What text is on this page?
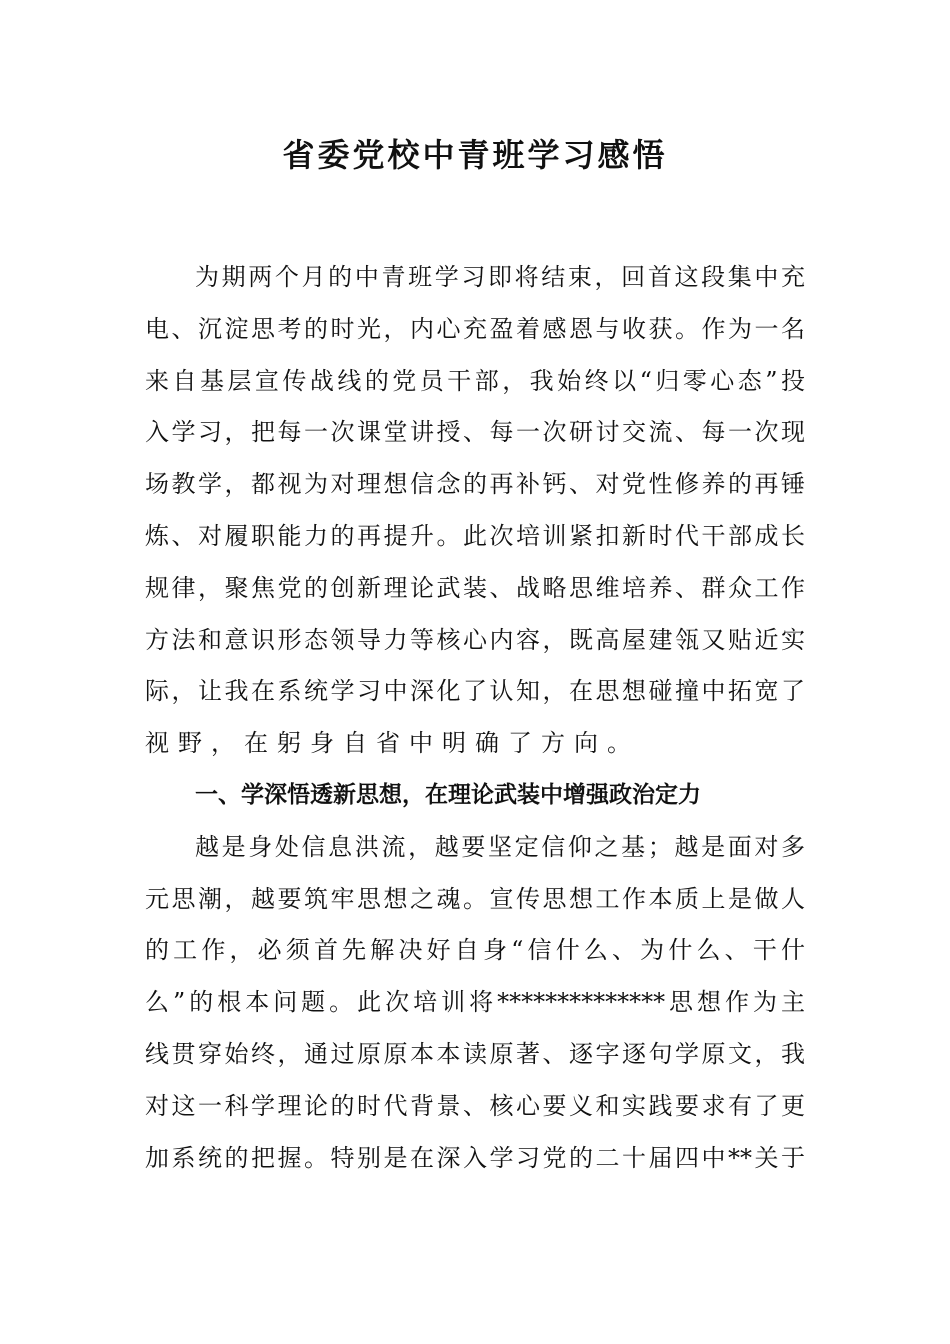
省委党校中青班学习感悟
为期两个月的中青班学习即将结束，回首这段集中充
电、沉淀思考的时光，内心充盈着感恩与收获。作为一名
来自基层宣传战线的党员干部，我始终以“归零心态”投
入学习，把每一次课堂讲授、每一次研讨交流、每一次现
场教学，都视为对理想信念的再补钙、对党性修养的再锤
炼、对履职能力的再提升。此次培训紧扣新时代干部成长
规律，聚焦党的创新理论武装、战略思维培养、群众工作
方法和意识形态领导力等核心内容，既高屋建瓴又贴近实
际，让我在系统学习中深化了认知，在思想碰撞中拓宽了
视野，在躬身自省中明确了方向。
一、学深悟透新思想，在理论武装中增强政治定力
越是身处信息洪流，越要坚定信仰之基；越是面对多
元思潮，越要筑牢思想之魂。宣传思想工作本质上是做人
的工作，必须首先解决好自身“信什么、为什么、干什
么”的根本问题。此次培训将**************思想作为主
线贯穿始终，通过原原本本读原著、逐字逐句学原文，我
对这一科学理论的时代背景、核心要义和实践要求有了更
加系统的把握。特别是在深入学习党的二十届四中**关于
